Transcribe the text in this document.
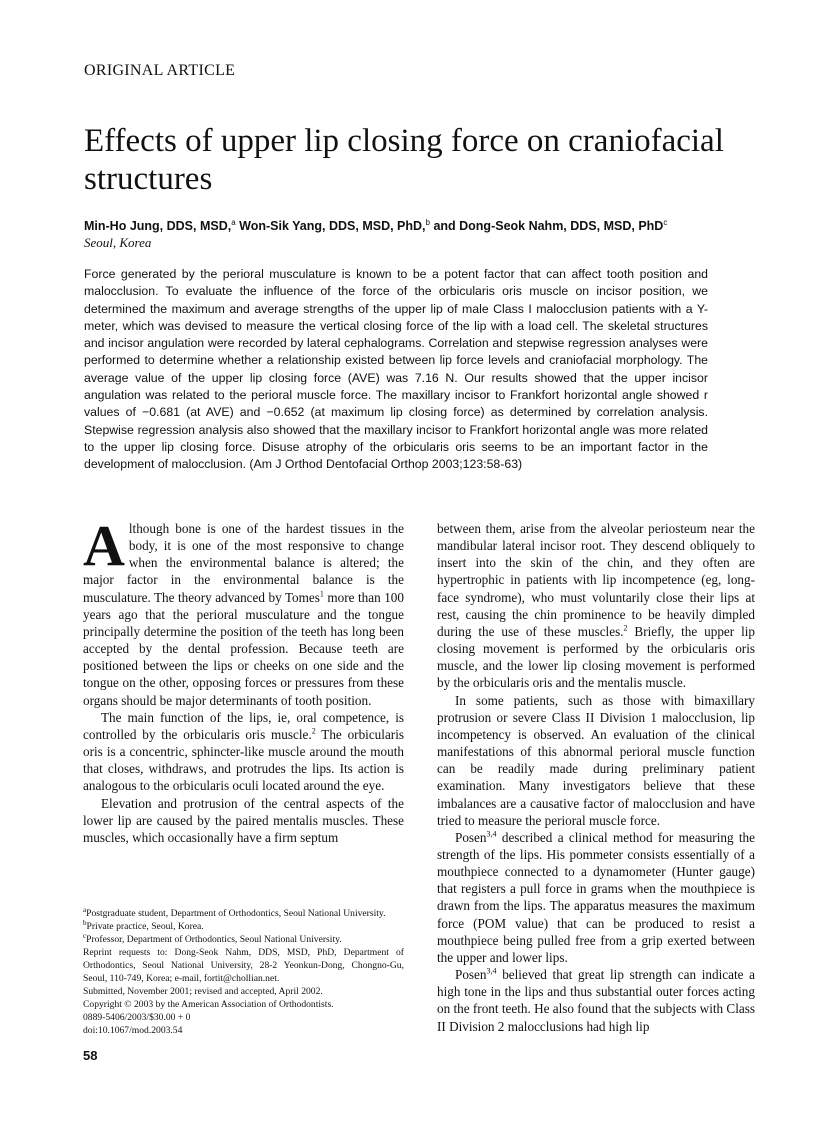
ORIGINAL ARTICLE
Effects of upper lip closing force on craniofacial structures
Min-Ho Jung, DDS, MSD,$^a$ Won-Sik Yang, DDS, MSD, PhD,$^b$ and Dong-Seok Nahm, DDS, MSD, PhD$^c$
Seoul, Korea

Force generated by the perioral musculature is known to be a potent factor that can affect tooth position and malocclusion. To evaluate the influence of the force of the orbicularis oris muscle on incisor position, we determined the maximum and average strengths of the upper lip of male Class I malocclusion patients with a Y-meter, which was devised to measure the vertical closing force of the lip with a load cell. The skeletal structures and incisor angulation were recorded by lateral cephalograms. Correlation and stepwise regression analyses were performed to determine whether a relationship existed between lip force levels and craniofacial morphology. The average value of the upper lip closing force (AVE) was 7.16 N. Our results showed that the upper incisor angulation was related to the perioral muscle force. The maxillary incisor to Frankfort horizontal angle showed r values of −0.681 (at AVE) and −0.652 (at maximum lip closing force) as determined by correlation analysis. Stepwise regression analysis also showed that the maxillary incisor to Frankfort horizontal angle was more related to the upper lip closing force. Disuse atrophy of the orbicularis oris seems to be an important factor in the development of malocclusion. (Am J Orthod Dentofacial Orthop 2003;123:58-63)

Although bone is one of the hardest tissues in the body, it is one of the most responsive to change when the environmental balance is altered; the major factor in the environmental balance is the musculature. The theory advanced by Tomes$^1$ more than 100 years ago that the perioral musculature and the tongue principally determine the position of the teeth has long been accepted by the dental profession. Because teeth are positioned between the lips or cheeks on one side and the tongue on the other, opposing forces or pressures from these organs should be major determinants of tooth position.

The main function of the lips, ie, oral competence, is controlled by the orbicularis oris muscle.$^2$ The orbicularis oris is a concentric, sphincter-like muscle around the mouth that closes, withdraws, and protrudes the lips. Its action is analogous to the orbicularis oculi located around the eye.

Elevation and protrusion of the central aspects of the lower lip are caused by the paired mentalis muscles. These muscles, which occasionally have a firm septum

between them, arise from the alveolar periosteum near the mandibular lateral incisor root. They descend obliquely to insert into the skin of the chin, and they often are hypertrophic in patients with lip incompetence (eg, long-face syndrome), who must voluntarily close their lips at rest, causing the chin prominence to be heavily dimpled during the use of these muscles.$^2$ Briefly, the upper lip closing movement is performed by the orbicularis oris muscle, and the lower lip closing movement is performed by the orbicularis oris and the mentalis muscle.

In some patients, such as those with bimaxillary protrusion or severe Class II Division 1 malocclusion, lip incompetency is observed. An evaluation of the clinical manifestations of this abnormal perioral muscle function can be readily made during preliminary patient examination. Many investigators believe that these imbalances are a causative factor of malocclusion and have tried to measure the perioral muscle force.

Posen$^{3,4}$ described a clinical method for measuring the strength of the lips. His pommeter consists essentially of a mouthpiece connected to a dynamometer (Hunter gauge) that registers a pull force in grams when the mouthpiece is drawn from the lips. The apparatus measures the maximum force (POM value) that can be produced to resist a mouthpiece being pulled free from a grip exerted between the upper and lower lips.

Posen$^{3,4}$ believed that great lip strength can indicate a high tone in the lips and thus substantial outer forces acting on the front teeth. He also found that the subjects with Class II Division 2 malocclusions had high lip

$^a$Postgraduate student, Department of Orthodontics, Seoul National University.
$^b$Private practice, Seoul, Korea.
$^c$Professor, Department of Orthodontics, Seoul National University.
Reprint requests to: Dong-Seok Nahm, DDS, MSD, PhD, Department of Orthodontics, Seoul National University, 28-2 Yeonkun-Dong, Chongno-Gu, Seoul, 110-749, Korea; e-mail, fortit@chollian.net.
Submitted, November 2001; revised and accepted, April 2002.
Copyright © 2003 by the American Association of Orthodontists.
0889-5406/2003/$30.00 + 0
doi:10.1067/mod.2003.54
58
